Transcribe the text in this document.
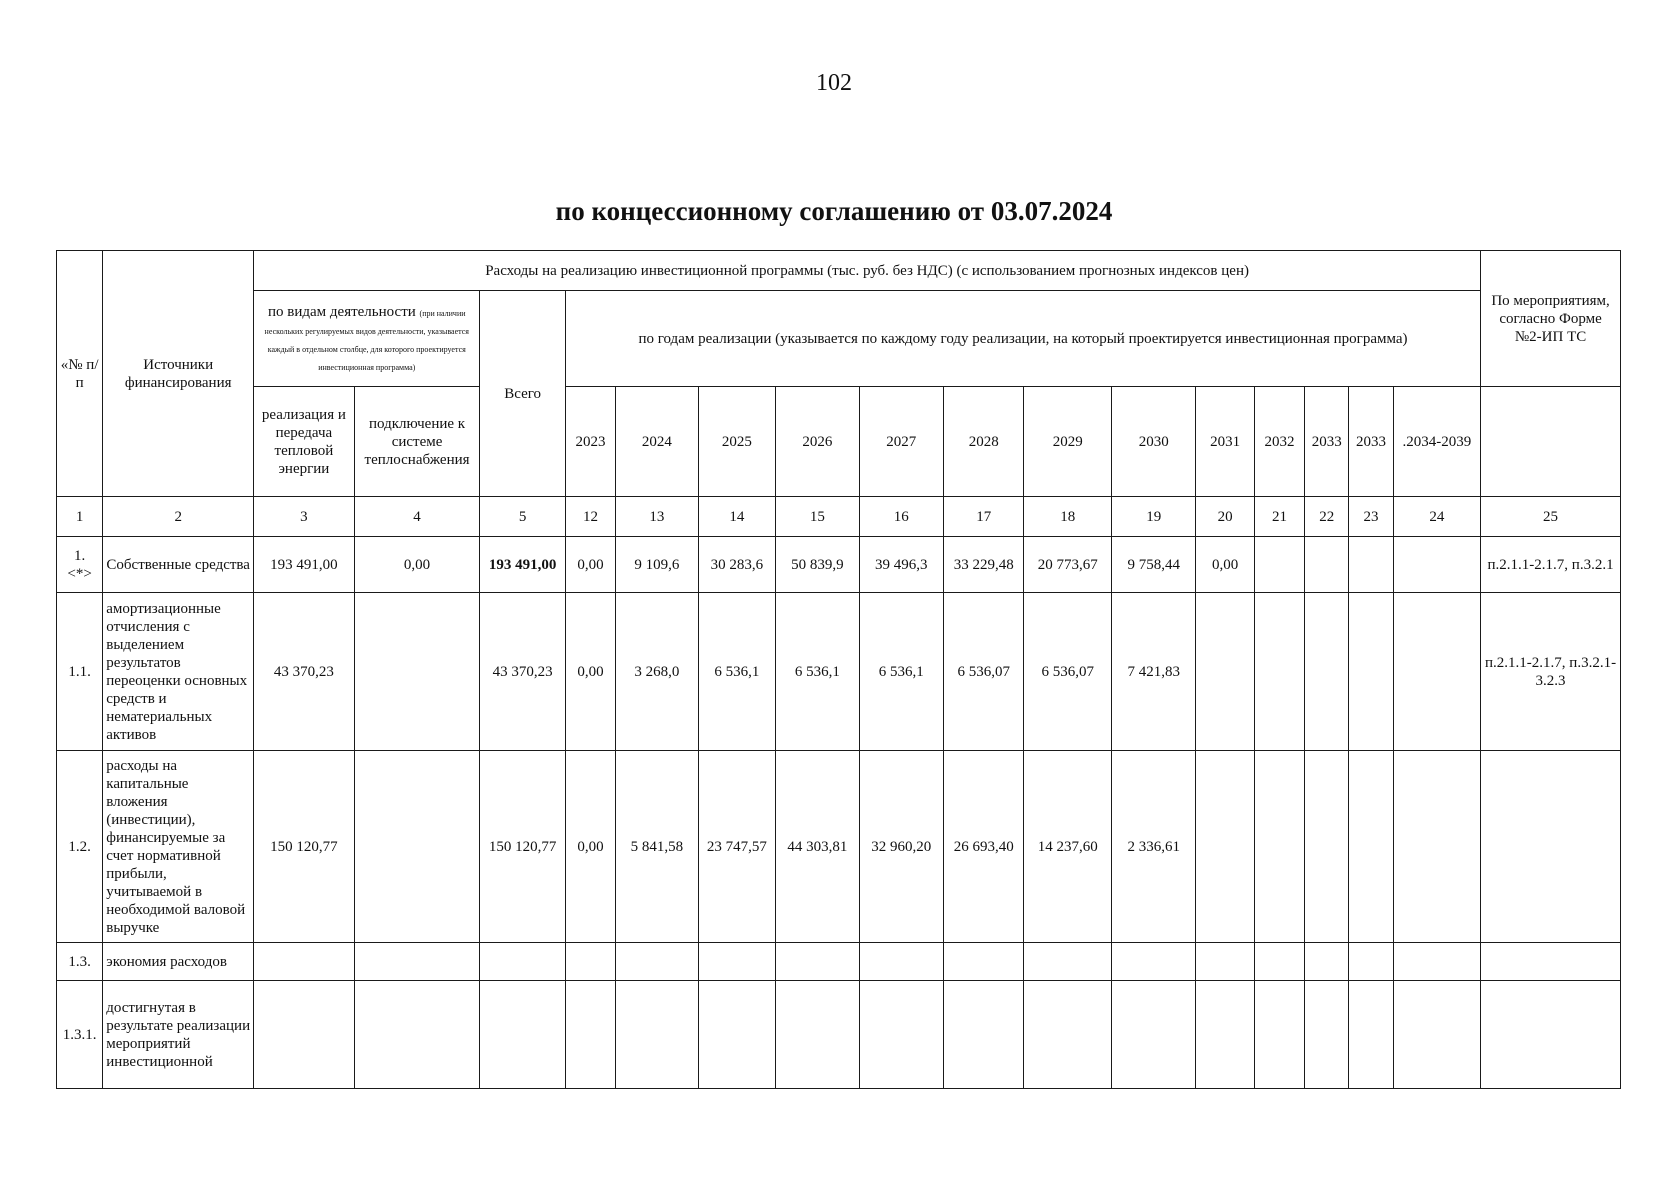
102
по концессионному соглашению от 03.07.2024
«№ п/п	Источники финансирования	Расходы на реализацию инвестиционной программы (тыс. руб. без НДС) (с использованием прогнозных индексов цен)																По мероприятиям, согласно Форме №2-ИП ТС
		по видам деятельности (при наличии нескольких регулируемых видов деятельности, указывается каждый в отдельном столбце, для которого проектируется инвестиционная программа)		Всего	по годам реализации (указывается по каждому году реализации, на который проектируется инвестиционная программа)													
		реализация и передача тепловой энергии	подключение к системе теплоснабжения		2023	2024	2025	2026	2027	2028	2029	2030	2031	2032	2033	2033	.2034-2039	
1	2	3	4	5	12	13	14	15	16	17	18	19	20	21	22	23	24	25
1. <*>	Собственные средства	193 491,00	0,00	193 491,00	0,00	9 109,6	30 283,6	50 839,9	39 496,3	33 229,48	20 773,67	9 758,44	0,00					п.2.1.1-2.1.7, п.3.2.1
1.1.	амортизационные отчисления с выделением результатов переоценки основных средств и нематериальных активов	43 370,23		43 370,23	0,00	3 268,0	6 536,1	6 536,1	6 536,1	6 536,07	6 536,07	7 421,83						п.2.1.1-2.1.7, п.3.2.1-3.2.3
1.2.	расходы на капитальные вложения (инвестиции), финансируемые за счет нормативной прибыли, учитываемой в необходимой валовой выручке	150 120,77		150 120,77	0,00	5 841,58	23 747,57	44 303,81	32 960,20	26 693,40	14 237,60	2 336,61						
1.3.	экономия расходов																	
1.3.1.	достигнутая в результате реализации мероприятий инвестиционной																	
